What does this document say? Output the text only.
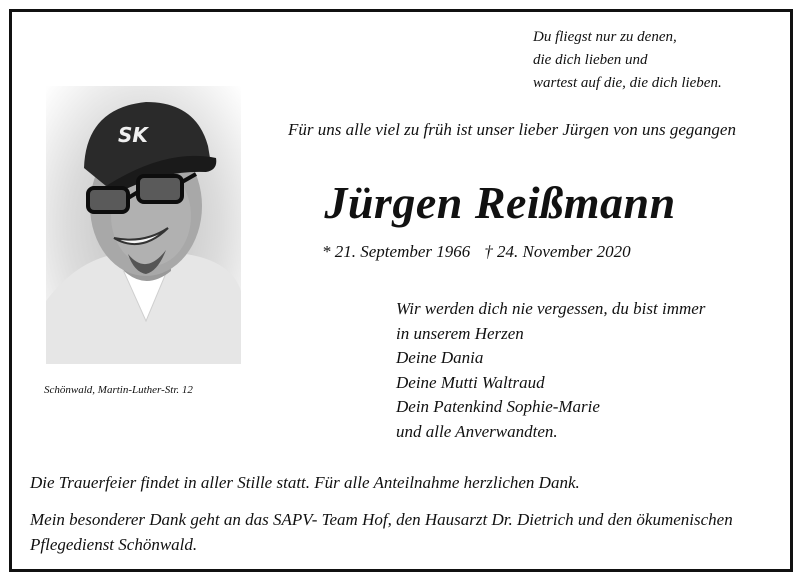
Du fliegst nur zu denen,
die dich lieben und
wartest auf die, die dich lieben.
SK
Schönwald, Martin-Luther-Str. 12
Für uns alle viel zu früh ist unser lieber Jürgen von uns gegangen
Jürgen Reißmann
* 21. September 1966 † 24. November 2020
Wir werden dich nie vergessen, du bist immer
in unserem Herzen
Deine Dania
Deine Mutti Waltraud
Dein Patenkind Sophie-Marie
und alle Anverwandten.
Die Trauerfeier findet in aller Stille statt. Für alle Anteilnahme herzlichen Dank.
Mein besonderer Dank geht an das SAPV- Team Hof, den Hausarzt Dr. Dietrich und den ökumenischen Pflegedienst Schönwald.
